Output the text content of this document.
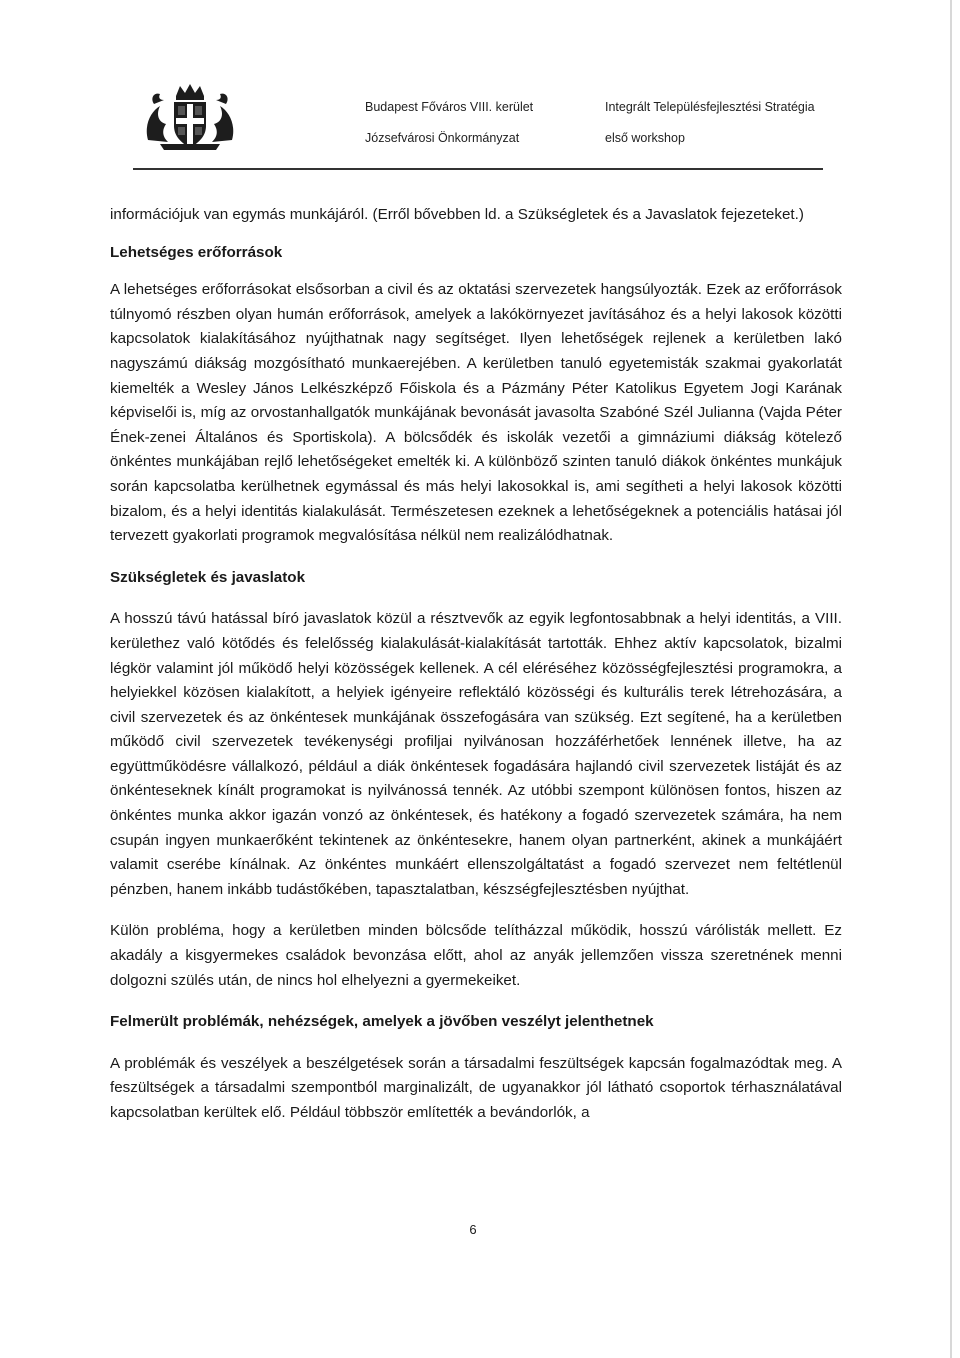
Budapest Főváros VIII. kerület
Józsefvárosi Önkormányzat
Integrált Településfejlesztési Stratégia
első workshop

információjuk van egymás munkájáról. (Erről bővebben ld. a Szükségletek és a Javaslatok fejezeteket.)

Lehetséges erőforrások

A lehetséges erőforrásokat elsősorban a civil és az oktatási szervezetek hangsúlyozták. Ezek az erőforrások túlnyomó részben olyan humán erőforrások, amelyek a lakókörnyezet javításához és a helyi lakosok közötti kapcsolatok kialakításához nyújthatnak nagy segítséget. Ilyen lehetőségek rejlenek a kerületben lakó nagyszámú diákság mozgósítható munkaerejében. A kerületben tanuló egyetemisták szakmai gyakorlatát kiemelték a Wesley János Lelkészképző Főiskola és a Pázmány Péter Katolikus Egyetem Jogi Karának képviselői is, míg az orvostanhallgatók munkájának bevonását javasolta Szabóné Szél Julianna (Vajda Péter Ének-zenei Általános és Sportiskola). A bölcsődék és iskolák vezetői a gimnáziumi diákság kötelező önkéntes munkájában rejlő lehetőségeket emelték ki. A különböző szinten tanuló diákok önkéntes munkájuk során kapcsolatba kerülhetnek egymással és más helyi lakosokkal is, ami segítheti a helyi lakosok közötti bizalom, és a helyi identitás kialakulását. Természetesen ezeknek a lehetőségeknek a potenciális hatásai jól tervezett gyakorlati programok megvalósítása nélkül nem realizálódhatnak.

Szükségletek és javaslatok

A hosszú távú hatással bíró javaslatok közül a résztvevők az egyik legfontosabbnak a helyi identitás, a VIII. kerülethez való kötődés és felelősség kialakulását-kialakítását tartották. Ehhez aktív kapcsolatok, bizalmi légkör valamint jól működő helyi közösségek kellenek. A cél eléréséhez közösségfejlesztési programokra, a helyiekkel közösen kialakított, a helyiek igényeire reflektáló közösségi és kulturális terek létrehozására, a civil szervezetek és az önkéntesek munkájának összefogására van szükség. Ezt segítené, ha a kerületben működő civil szervezetek tevékenységi profiljai nyilvánosan hozzáférhetőek lennének illetve, ha az együttműködésre vállalkozó, például a diák önkéntesek fogadására hajlandó civil szervezetek listáját és az önkénteseknek kínált programokat is nyilvánossá tennék. Az utóbbi szempont különösen fontos, hiszen az önkéntes munka akkor igazán vonzó az önkéntesek, és hatékony a fogadó szervezetek számára, ha nem csupán ingyen munkaerőként tekintenek az önkéntesekre, hanem olyan partnerként, akinek a munkájáért valamit cserébe kínálnak. Az önkéntes munkáért ellenszolgáltatást a fogadó szervezet nem feltétlenül pénzben, hanem inkább tudástőkében, tapasztalatban, készségfejlesztésben nyújthat.

Külön probléma, hogy a kerületben minden bölcsőde telítházzal működik, hosszú várólisták mellett. Ez akadály a kisgyermekes családok bevonzása előtt, ahol az anyák jellemzően vissza szeretnének menni dolgozni szülés után, de nincs hol elhelyezni a gyermekeiket.

Felmerült problémák, nehézségek, amelyek a jövőben veszélyt jelenthetnek

A problémák és veszélyek a beszélgetések során a társadalmi feszültségek kapcsán fogalmazódtak meg. A feszültségek a társadalmi szempontból marginalizált, de ugyanakkor jól látható csoportok térhasználatával kapcsolatban kerültek elő. Például többször említették a bevándorlók, a

6
